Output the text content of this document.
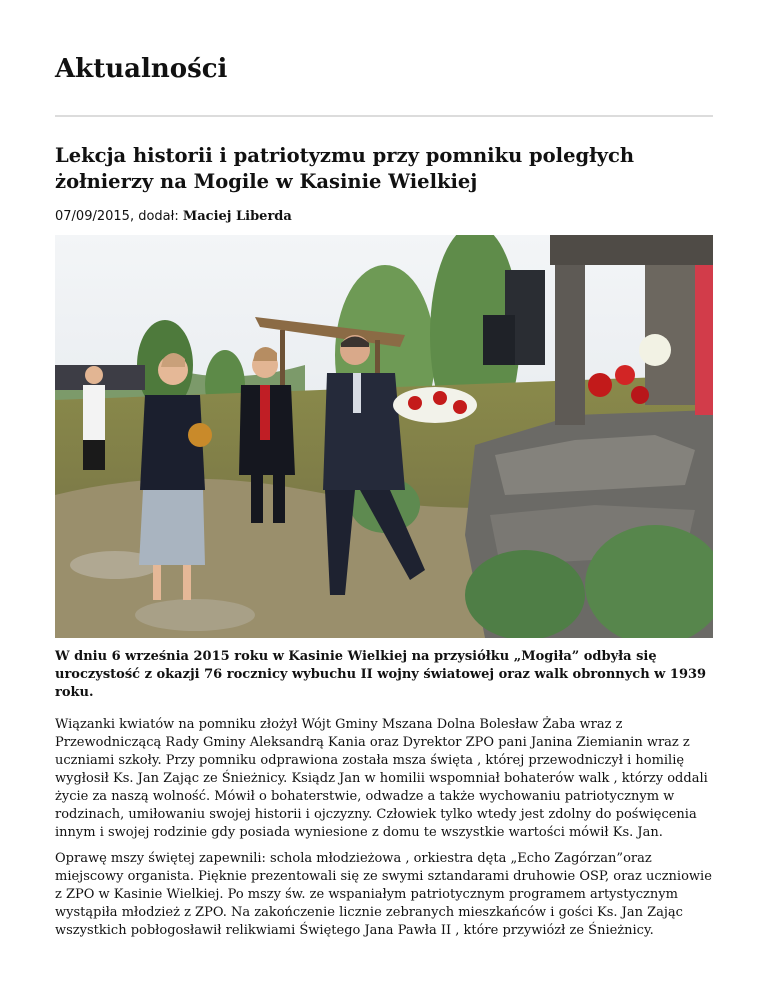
Aktualności
Lekcja historii i patriotyzmu przy pomniku poległych żołnierzy na Mogile w Kasinie Wielkiej
07/09/2015, dodał: Maciej Liberda

W dniu 6 września 2015 roku w Kasinie Wielkiej na przysiółku „Mogiła” odbyła się uroczystość z okazji 76 rocznicy wybuchu II wojny światowej oraz walk obronnych w 1939 roku.

Wiązanki kwiatów na pomniku złożył Wójt Gminy Mszana Dolna Bolesław Żaba wraz z Przewodniczącą Rady Gminy Aleksandrą Kania oraz Dyrektor ZPO pani Janina Ziemianin wraz z uczniami szkoły. Przy pomniku odprawiona została msza święta , której przewodniczył i homilię wygłosił Ks. Jan Zając ze Śnieżnicy. Ksiądz Jan w homilii wspomniał bohaterów walk , którzy oddali życie za naszą wolność. Mówił o bohaterstwie, odwadze a także wychowaniu patriotycznym w rodzinach, umiłowaniu swojej historii i ojczyzny. Człowiek tylko wtedy jest zdolny do poświęcenia innym i swojej rodzinie gdy posiada wyniesione z domu te wszystkie wartości mówił Ks. Jan.

Oprawę mszy świętej zapewnili: schola młodzieżowa , orkiestra dęta „Echo Zagórzan”oraz miejscowy organista. Pięknie prezentowali się ze swymi sztandarami druhowie OSP, oraz uczniowie z ZPO w Kasinie Wielkiej. Po mszy św. ze wspaniałym patriotycznym programem artystycznym wystąpiła młodzież z ZPO. Na zakończenie licznie zebranych mieszkańców i gości Ks. Jan Zając wszystkich pobłogosławił relikwiami Świętego Jana Pawła II , które przywiózł ze Śnieżnicy.
